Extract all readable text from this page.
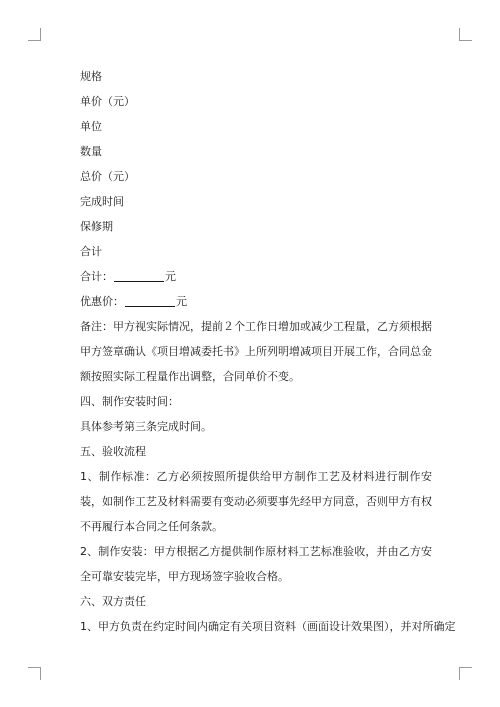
规格

单价（元）

单位

数量

总价（元）

完成时间

保修期

合计

合计：	元

优惠价：	元

备注：甲方视实际情况，提前２个工作日增加或减少工程量，乙方须根据甲方签章确认《项目增减委托书》上所列明增减项目开展工作，合同总金额按照实际工程量作出调整，合同单价不变。

四、制作安装时间：

具体参考第三条完成时间。

五、验收流程

1、制作标准：乙方必须按照所提供给甲方制作工艺及材料进行制作安装，如制作工艺及材料需要有变动必须要事先经甲方同意，否则甲方有权不再履行本合同之任何条款。

2、制作安装：甲方根据乙方提供制作原材料工艺标准验收，并由乙方安全可靠安装完毕，甲方现场签字验收合格。

六、双方责任

1、甲方负责在约定时间内确定有关项目资料（画面设计效果图），并对所确定
